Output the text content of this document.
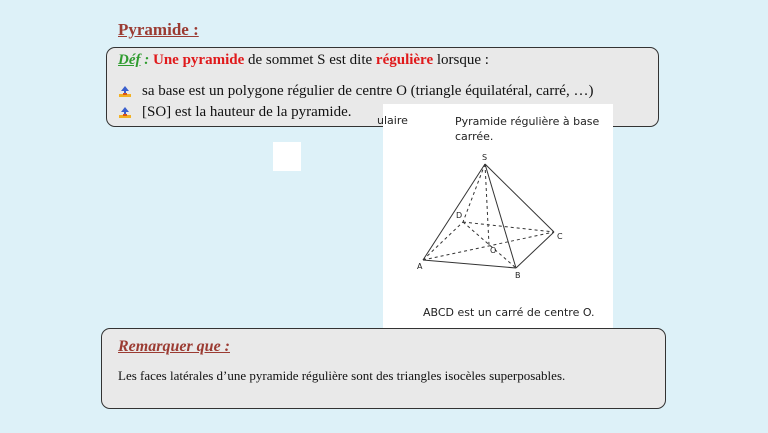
Pyramide :
Déf : Une pyramide de sommet S est dite régulière lorsque :
sa base est un polygone régulier de centre O (triangle équilatéral, carré, …)
[SO] est la hauteur de la pyramide.
ulaire	Pyramide régulière à base carrée.
S
A
B
C
D
O
ABCD est un carré de centre O.
Remarquer que :
Les faces latérales d’une pyramide régulière sont des triangles isocèles superposables.
